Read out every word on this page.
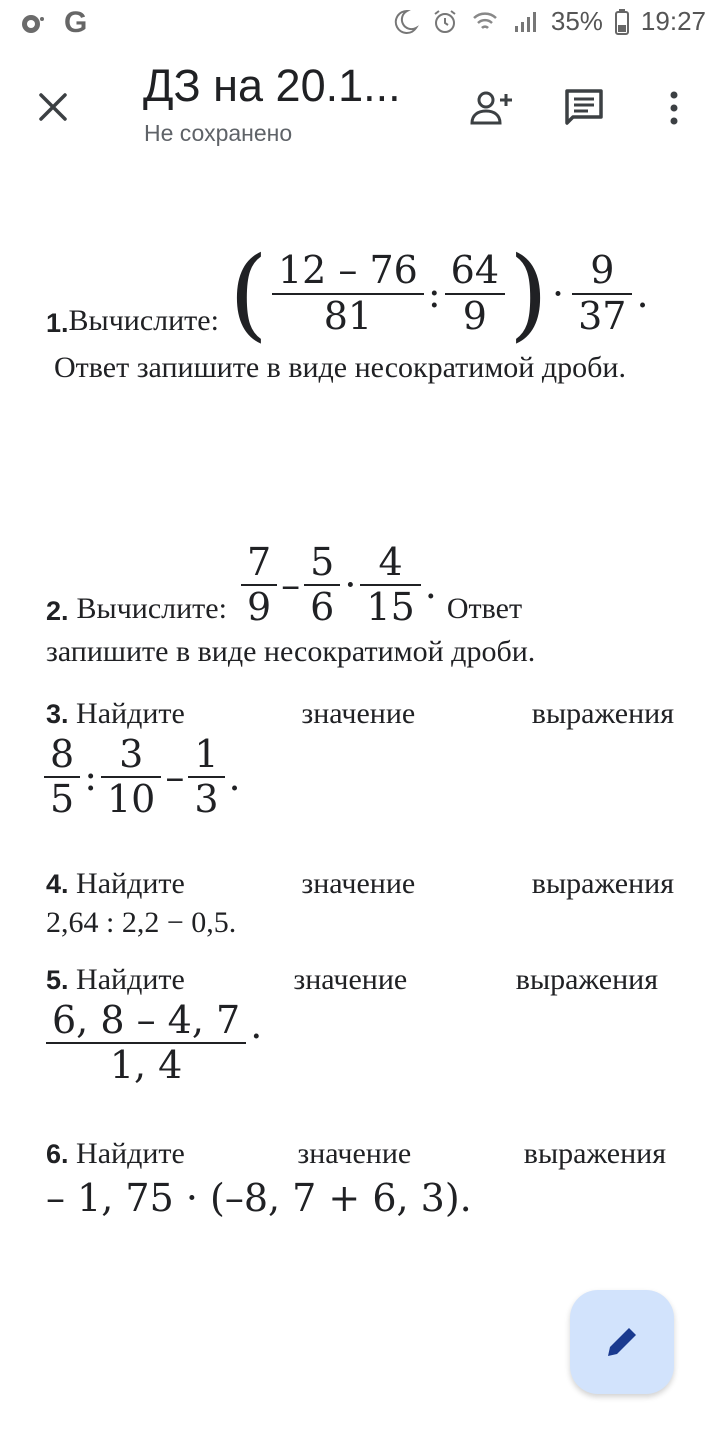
G	35% 19:27
ДЗ на 20.1...
Не сохранено
1. Вычислите: ( $\frac{12 - 76}{81}$ : $\frac{64}{9}$ ) · $\frac{9}{37}$ .
Ответ запишите в виде несократимой дроби.
2. Вычислите: $\frac{7}{9} - \frac{5}{6} \cdot \frac{4}{15}$ .
Ответ
запишите в виде несократимой дроби.
3. Найдите	значение	выражения
$\frac{8}{5}$ : $\frac{3}{10} - \frac{1}{3}$ .
4. Найдите	значение	выражения
2,64 : 2,2 − 0,5.
5. Найдите	значение	выражения
$\frac{6, 8 - 4, 7}{1, 4}$ .
6. Найдите	значение	выражения
– 1, 75 · (–8, 7 + 6, 3).
